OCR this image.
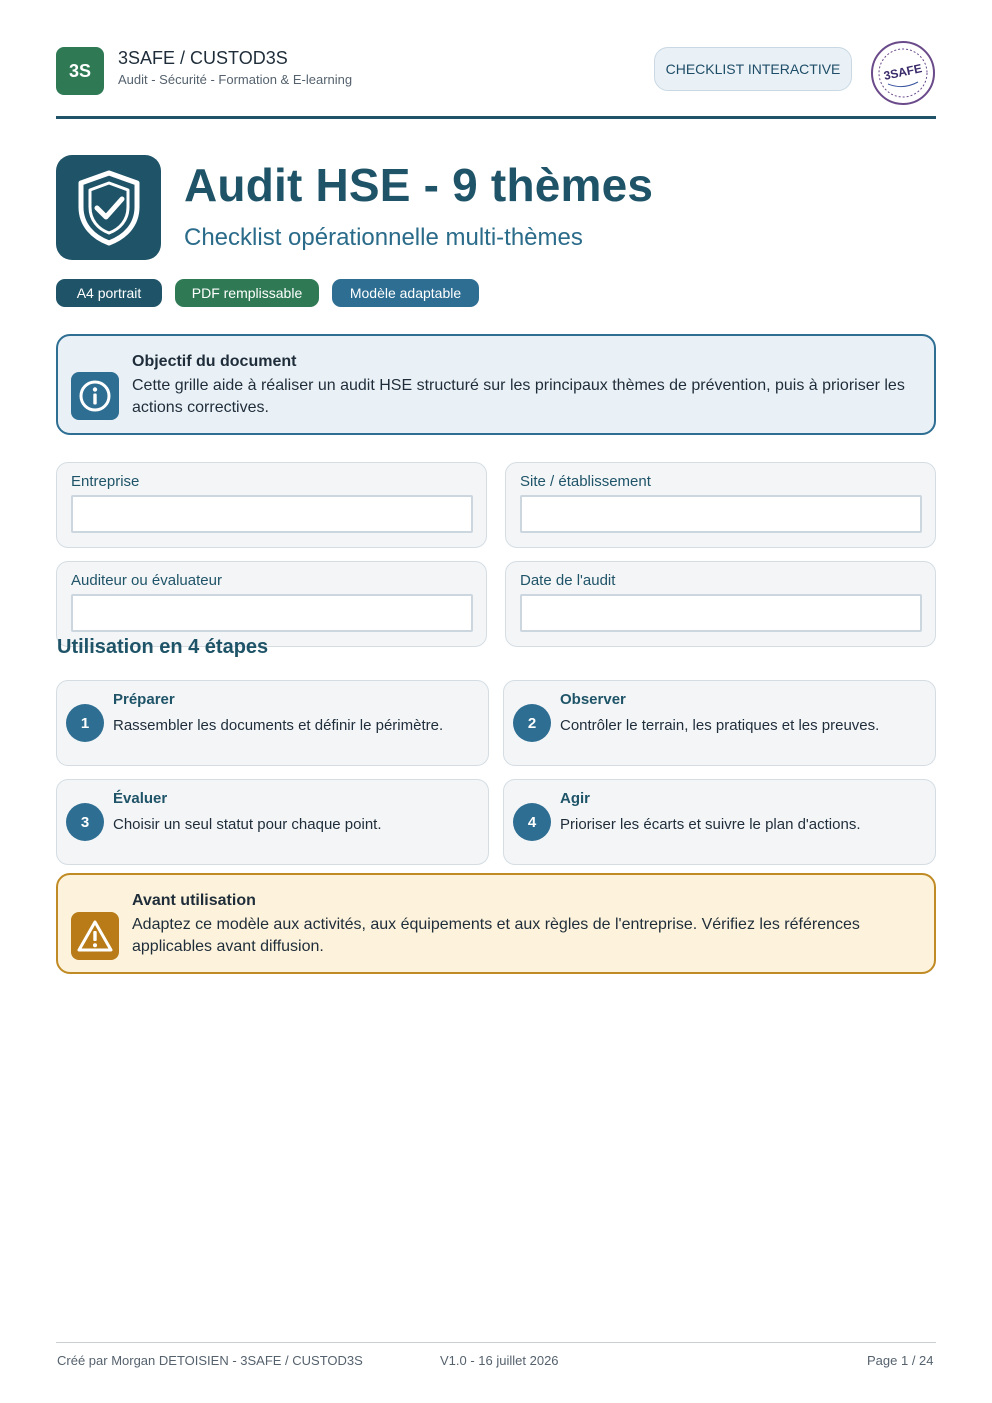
3S
3SAFE / CUSTOD3S
Audit - Sécurité - Formation & E-learning
CHECKLIST INTERACTIVE	3SAFE
Audit HSE - 9 thèmes
Checklist opérationnelle multi-thèmes
A4 portrait	PDF remplissable	Modèle adaptable
Objectif du document
Cette grille aide à réaliser un audit HSE structuré sur les principaux thèmes de prévention, puis à prioriser les actions correctives.
Entreprise	Site / établissement
Auditeur ou évaluateur	Date de l'audit
Utilisation en 4 étapes
1
Préparer
Rassembler les documents et définir le périmètre.	2
Observer
Contrôler le terrain, les pratiques et les preuves.
3
Évaluer
Choisir un seul statut pour chaque point.	4
Agir
Prioriser les écarts et suivre le plan d'actions.
Avant utilisation
Adaptez ce modèle aux activités, aux équipements et aux règles de l'entreprise. Vérifiez les références applicables avant diffusion.
Créé par Morgan DETOISIEN - 3SAFE / CUSTOD3S	V1.0 - 16 juillet 2026	Page 1 / 24
